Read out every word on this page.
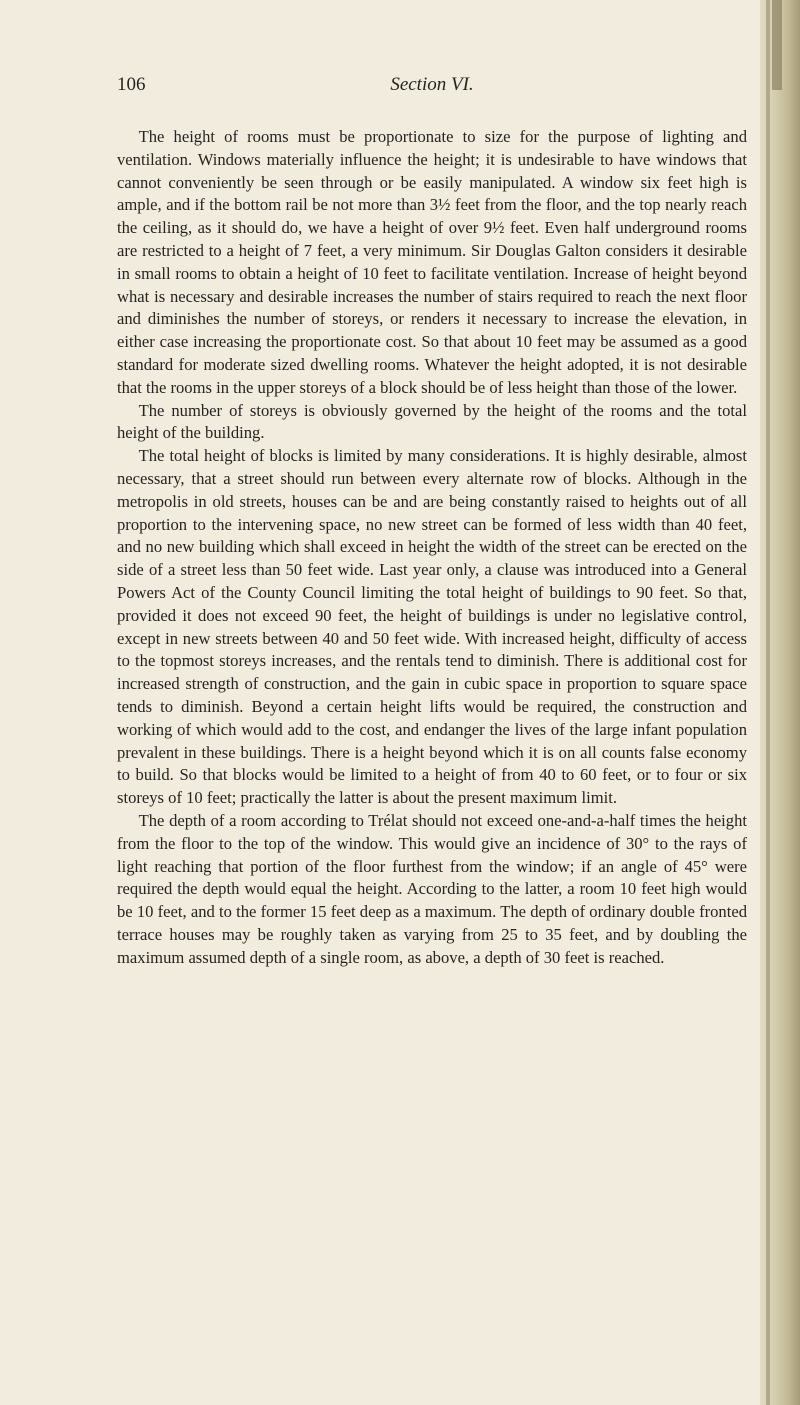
106	Section VI.

The height of rooms must be proportionate to size for the purpose of lighting and ventilation. Windows materially influence the height; it is undesirable to have windows that cannot conveniently be seen through or be easily manipulated. A window six feet high is ample, and if the bottom rail be not more than 3½ feet from the floor, and the top nearly reach the ceiling, as it should do, we have a height of over 9½ feet. Even half underground rooms are restricted to a height of 7 feet, a very minimum. Sir Douglas Galton considers it desirable in small rooms to obtain a height of 10 feet to facilitate ventilation. Increase of height beyond what is necessary and desirable increases the number of stairs required to reach the next floor and diminishes the number of storeys, or renders it necessary to increase the elevation, in either case increasing the proportionate cost. So that about 10 feet may be assumed as a good standard for moderate sized dwelling rooms. Whatever the height adopted, it is not desirable that the rooms in the upper storeys of a block should be of less height than those of the lower.

The number of storeys is obviously governed by the height of the rooms and the total height of the building.

The total height of blocks is limited by many considerations. It is highly desirable, almost necessary, that a street should run between every alternate row of blocks. Although in the metropolis in old streets, houses can be and are being constantly raised to heights out of all proportion to the intervening space, no new street can be formed of less width than 40 feet, and no new building which shall exceed in height the width of the street can be erected on the side of a street less than 50 feet wide. Last year only, a clause was introduced into a General Powers Act of the County Council limiting the total height of buildings to 90 feet. So that, provided it does not exceed 90 feet, the height of buildings is under no legislative control, except in new streets between 40 and 50 feet wide. With increased height, difficulty of access to the topmost storeys increases, and the rentals tend to diminish. There is additional cost for increased strength of construction, and the gain in cubic space in proportion to square space tends to diminish. Beyond a certain height lifts would be required, the construction and working of which would add to the cost, and endanger the lives of the large infant population prevalent in these buildings. There is a height beyond which it is on all counts false economy to build. So that blocks would be limited to a height of from 40 to 60 feet, or to four or six storeys of 10 feet; practically the latter is about the present maximum limit.

The depth of a room according to Trélat should not exceed one-and-a-half times the height from the floor to the top of the window. This would give an incidence of 30° to the rays of light reaching that portion of the floor furthest from the window; if an angle of 45° were required the depth would equal the height. According to the latter, a room 10 feet high would be 10 feet, and to the former 15 feet deep as a maximum. The depth of ordinary double fronted terrace houses may be roughly taken as varying from 25 to 35 feet, and by doubling the maximum assumed depth of a single room, as above, a depth of 30 feet is reached.
